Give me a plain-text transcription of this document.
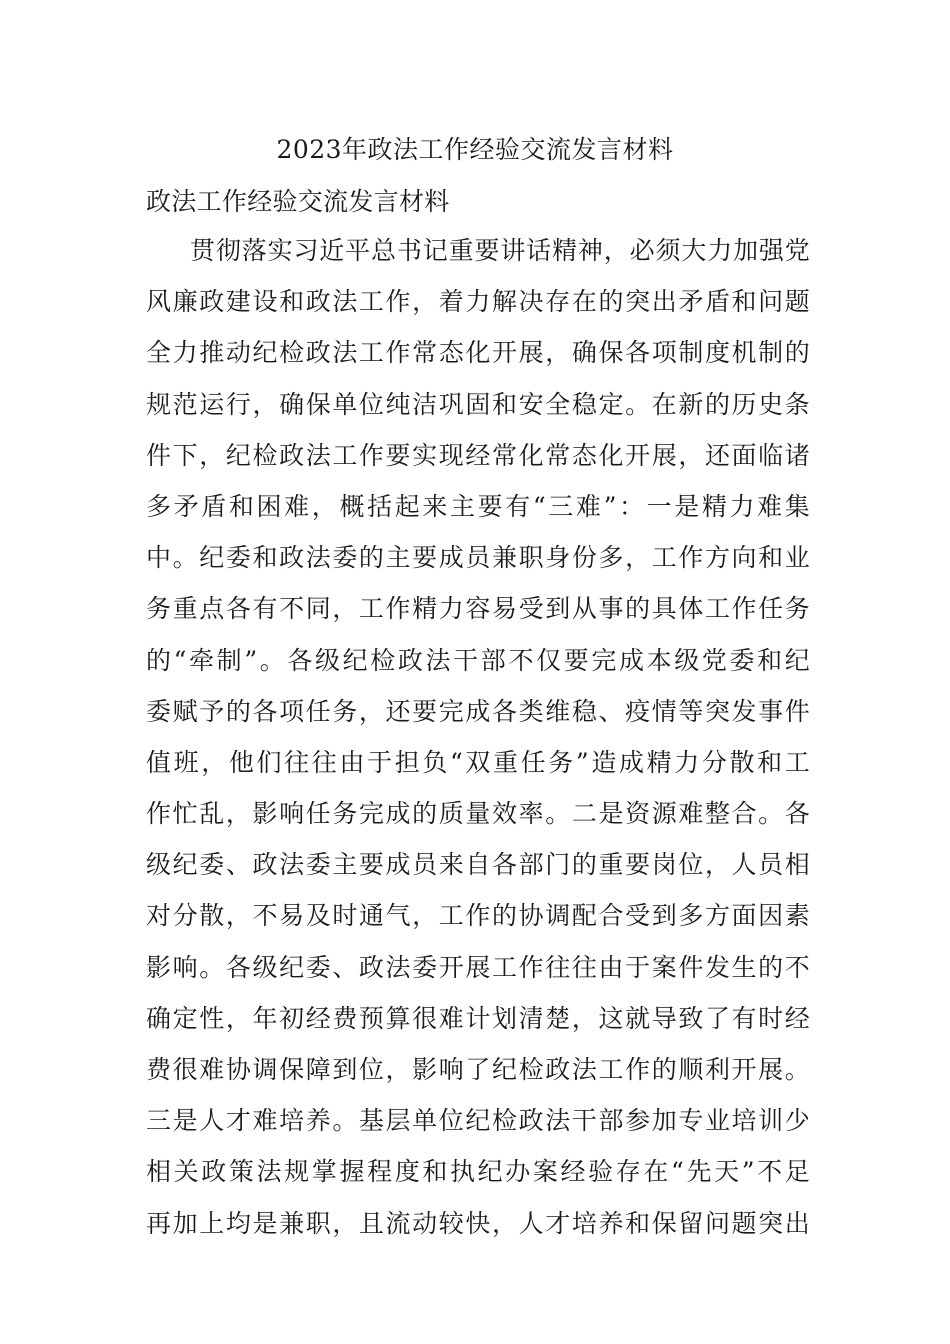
2023年政法工作经验交流发言材料

政法工作经验交流发言材料

贯彻落实习近平总书记重要讲话精神，必须大力加强党
风廉政建设和政法工作，着力解决存在的突出矛盾和问题
全力推动纪检政法工作常态化开展，确保各项制度机制的
规范运行，确保单位纯洁巩固和安全稳定。在新的历史条
件下，纪检政法工作要实现经常化常态化开展，还面临诸
多矛盾和困难，概括起来主要有“三难”：一是精力难集
中。纪委和政法委的主要成员兼职身份多，工作方向和业
务重点各有不同，工作精力容易受到从事的具体工作任务
的“牵制”。各级纪检政法干部不仅要完成本级党委和纪
委赋予的各项任务，还要完成各类维稳、疫情等突发事件
值班，他们往往由于担负“双重任务”造成精力分散和工
作忙乱，影响任务完成的质量效率。二是资源难整合。各
级纪委、政法委主要成员来自各部门的重要岗位，人员相
对分散，不易及时通气，工作的协调配合受到多方面因素
影响。各级纪委、政法委开展工作往往由于案件发生的不
确定性，年初经费预算很难计划清楚，这就导致了有时经
费很难协调保障到位，影响了纪检政法工作的顺利开展。
三是人才难培养。基层单位纪检政法干部参加专业培训少
相关政策法规掌握程度和执纪办案经验存在“先天”不足
再加上均是兼职，且流动较快，人才培养和保留问题突出
